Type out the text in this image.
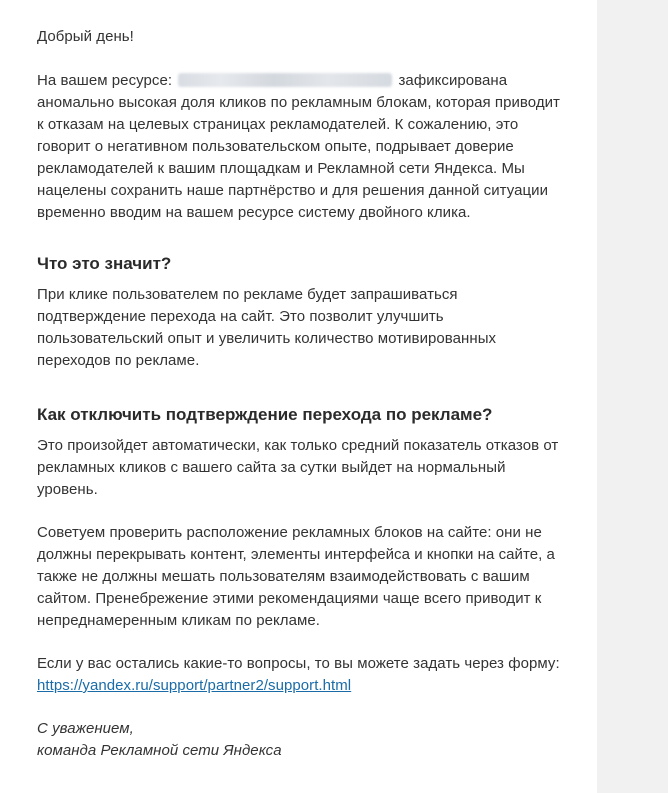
Добрый день!

На вашем ресурсе:	зафиксирована аномально высокая доля кликов по рекламным блокам, которая приводит к отказам на целевых страницах рекламодателей. К сожалению, это говорит о негативном пользовательском опыте, подрывает доверие рекламодателей к вашим площадкам и Рекламной сети Яндекса. Мы нацелены сохранить наше партнёрство и для решения данной ситуации временно вводим на вашем ресурсе систему двойного клика.

Что это значит?

При клике пользователем по рекламе будет запрашиваться подтверждение перехода на сайт. Это позволит улучшить пользовательский опыт и увеличить количество мотивированных переходов по рекламе.

Как отключить подтверждение перехода по рекламе?

Это произойдет автоматически, как только средний показатель отказов от рекламных кликов с вашего сайта за сутки выйдет на нормальный уровень.

Советуем проверить расположение рекламных блоков на сайте: они не должны перекрывать контент, элементы интерфейса и кнопки на сайте, а также не должны мешать пользователям взаимодействовать с вашим сайтом. Пренебрежение этими рекомендациями чаще всего приводит к непреднамеренным кликам по рекламе.

Если у вас остались какие-то вопросы, то вы можете задать через форму:
https://yandex.ru/support/partner2/support.html

С уважением,
команда Рекламной сети Яндекса
